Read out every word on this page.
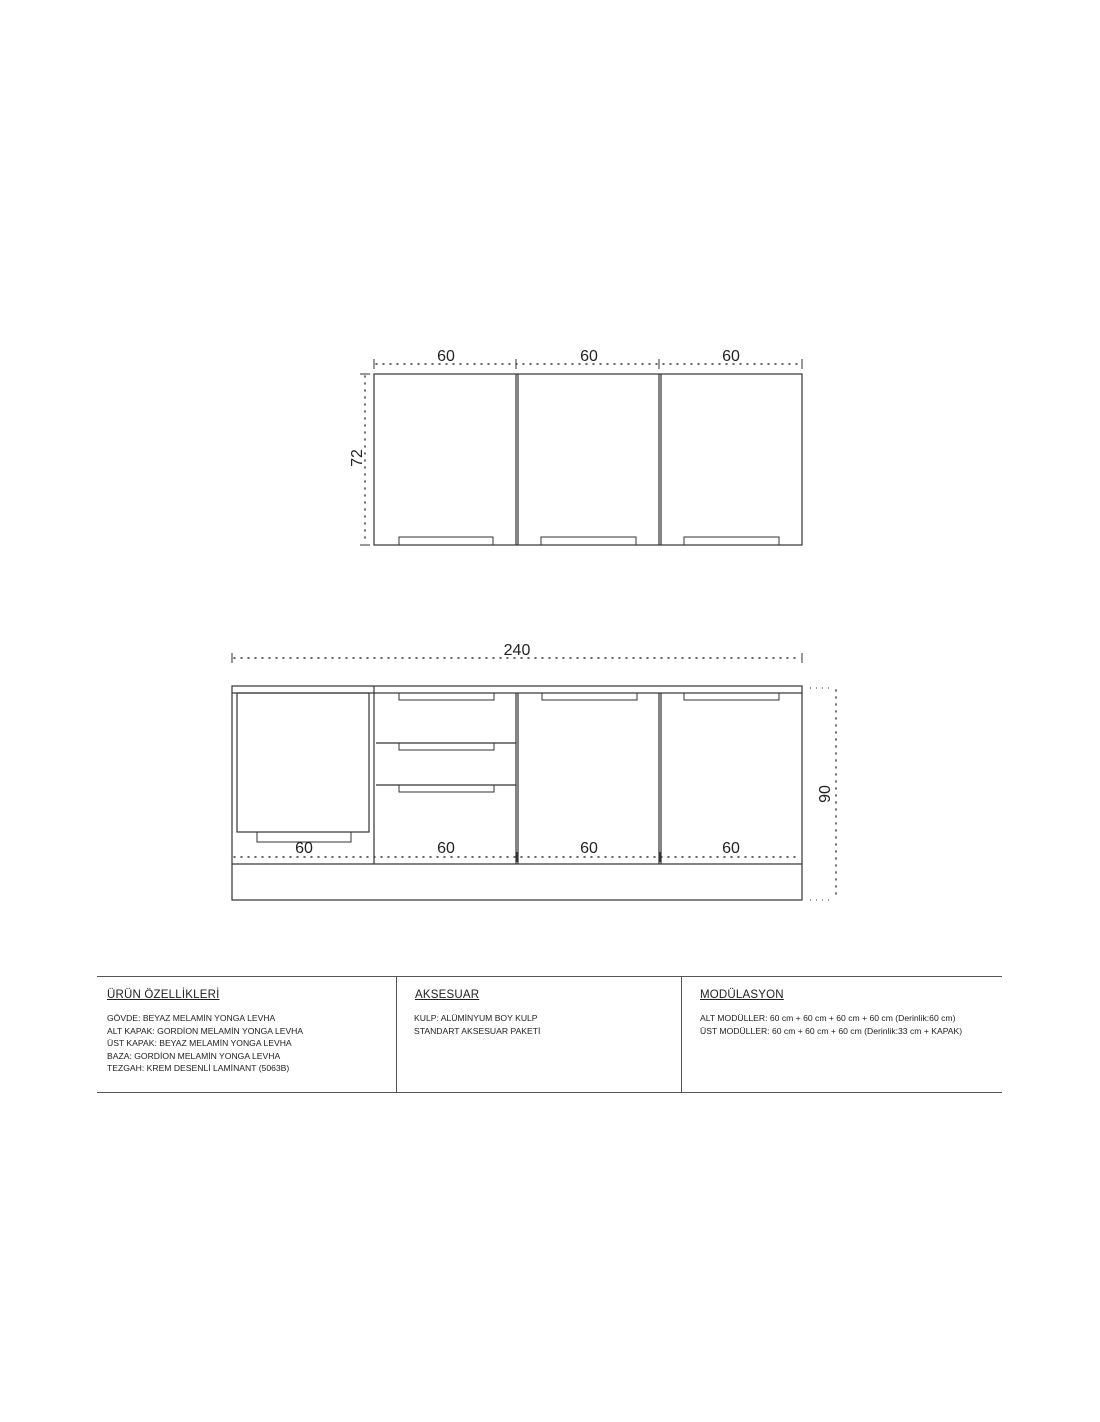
60	60	60
72
240
90
60	60	60	60
ÜRÜN ÖZELLİKLERİ
GÖVDE: BEYAZ MELAMİN YONGA LEVHA
ALT KAPAK: GORDİON MELAMİN YONGA LEVHA
ÜST KAPAK: BEYAZ MELAMİN YONGA LEVHA
BAZA: GORDİON MELAMİN YONGA LEVHA
TEZGAH: KREM DESENLİ LAMİNANT (5063B)
AKSESUAR
KULP: ALÜMİNYUM BOY KULP
STANDART AKSESUAR PAKETİ
MODÜLASYON
ALT MODÜLLER: 60 cm + 60 cm + 60 cm + 60 cm (Derinlik:60 cm)
ÜST MODÜLLER: 60 cm + 60 cm + 60 cm (Derinlik:33 cm + KAPAK)
